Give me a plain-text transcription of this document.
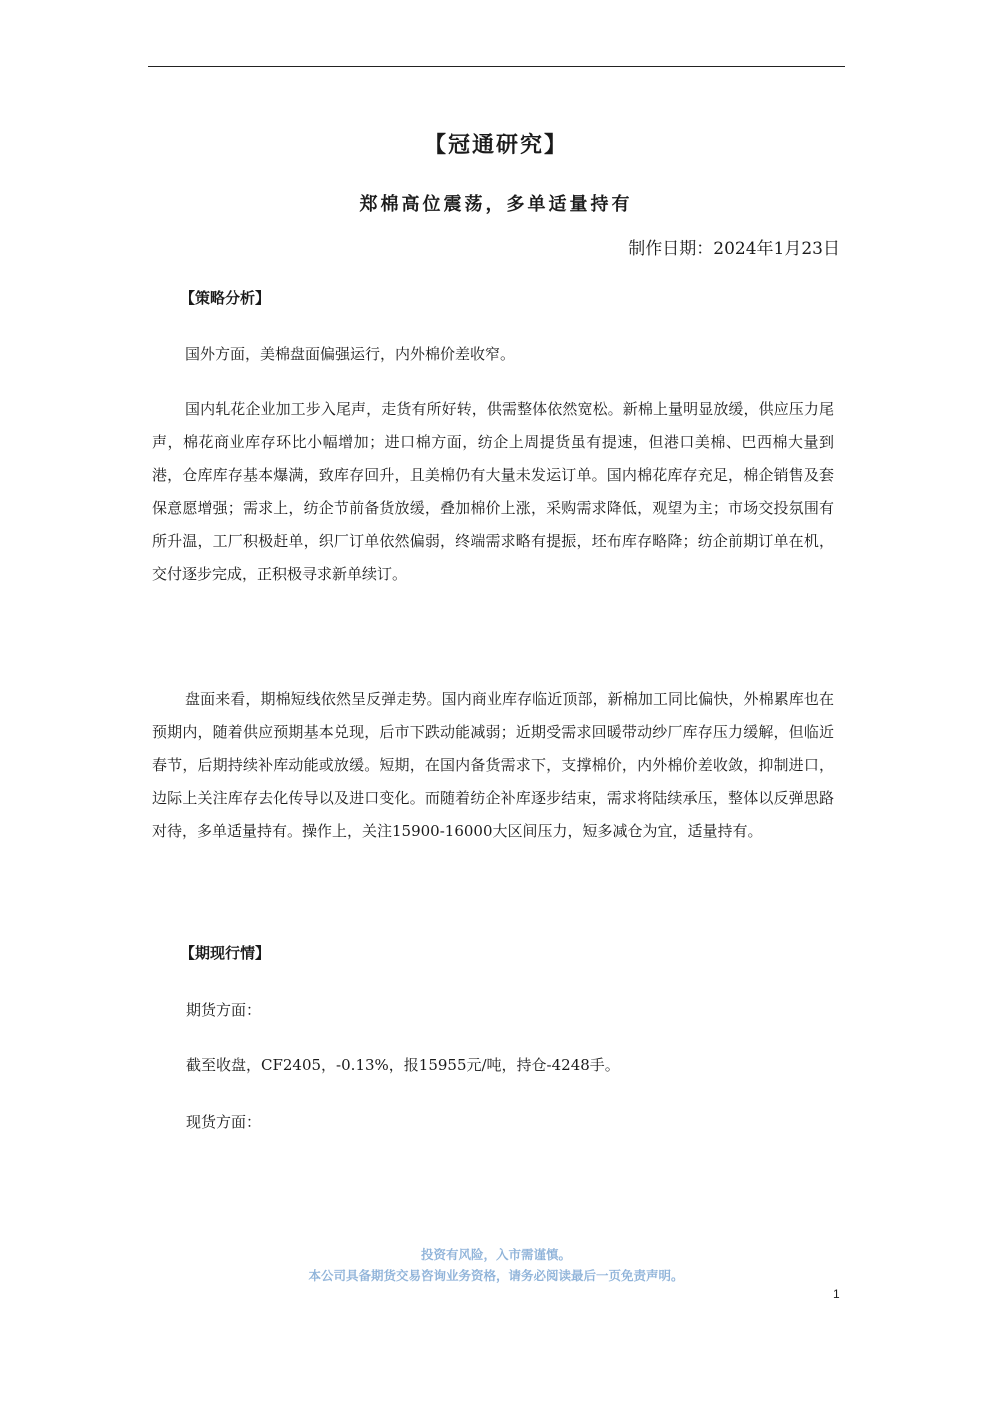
【冠通研究】
郑棉高位震荡，多单适量持有
制作日期：2024年1月23日
【策略分析】

国外方面，美棉盘面偏强运行，内外棉价差收窄。

国内轧花企业加工步入尾声，走货有所好转，供需整体依然宽松。新棉上量明显放缓，供应压力尾声，棉花商业库存环比小幅增加；进口棉方面，纺企上周提货虽有提速，但港口美棉、巴西棉大量到港，仓库库存基本爆满，致库存回升，且美棉仍有大量未发运订单。国内棉花库存充足，棉企销售及套保意愿增强；需求上，纺企节前备货放缓，叠加棉价上涨，采购需求降低，观望为主；市场交投氛围有所升温，工厂积极赶单，织厂订单依然偏弱，终端需求略有提振，坯布库存略降；纺企前期订单在机，交付逐步完成，正积极寻求新单续订。

盘面来看，期棉短线依然呈反弹走势。国内商业库存临近顶部，新棉加工同比偏快，外棉累库也在预期内，随着供应预期基本兑现，后市下跌动能减弱；近期受需求回暖带动纱厂库存压力缓解，但临近春节，后期持续补库动能或放缓。短期，在国内备货需求下，支撑棉价，内外棉价差收敛，抑制进口，边际上关注库存去化传导以及进口变化。而随着纺企补库逐步结束，需求将陆续承压，整体以反弹思路对待，多单适量持有。操作上，关注15900-16000大区间压力，短多减仓为宜，适量持有。

【期现行情】
期货方面：
截至收盘，CF2405，-0.13%，报15955元/吨，持仓-4248手。
现货方面：
投资有风险，入市需谨慎。
本公司具备期货交易咨询业务资格，请务必阅读最后一页免责声明。
1
